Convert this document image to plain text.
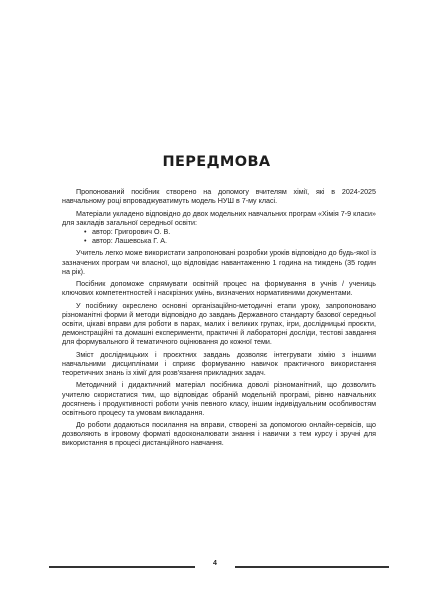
ПЕРЕДМОВА

Пропонований посібник створено на допомогу вчителям хімії, які в 2024-2025 навчальному році впроваджуватимуть модель НУШ в 7-му класі.

Матеріали укладено відповідно до двох модельних навчальних програм «Хімія 7-9 класи» для закладів загальної середньої освіти:

• автор: Григорович О. В.
• автор: Лашевська Г. А.

Учитель легко може використати запропоновані розробки уроків відповідно до будь-якої із зазначених програм чи власної, що відповідає навантаженню 1 година на тиждень (35 годин на рік).

Посібник допоможе спрямувати освітній процес на формування в учнів / учениць ключових компетентностей і наскрізних умінь, визначених нормативними документами.

У посібнику окреслено основні організаційно-методичні етапи уроку, запропоновано різноманітні форми й методи відповідно до завдань Державного стандарту базової середньої освіти, цікаві вправи для роботи в парах, малих і великих групах, ігри, дослідницькі проєкти, демонстраційні та домашні експерименти, практичні й лабораторні досліди, тестові завдання для формувального й тематичного оцінювання до кожної теми.

Зміст дослідницьких і проєктних завдань дозволяє інтегрувати хімію з іншими навчальними дисциплінами і сприяє формуванню навичок практичного використання теоретичних знань із хімії для розв'язання прикладних задач.

Методичний і дидактичний матеріал посібника доволі різноманітний, що дозволить учителю скористатися тим, що відповідає обраній модельній програмі, рівню навчальних досягнень і продуктивності роботи учнів певного класу, іншим індивідуальним особливостям освітнього процесу та умовам викладання.

До роботи додаються посилання на вправи, створені за допомогою онлайн-сервісів, що дозволяють в ігровому форматі вдосконалювати знання і навички з тем курсу і зручні для використання в процесі дистанційного навчання.

4
